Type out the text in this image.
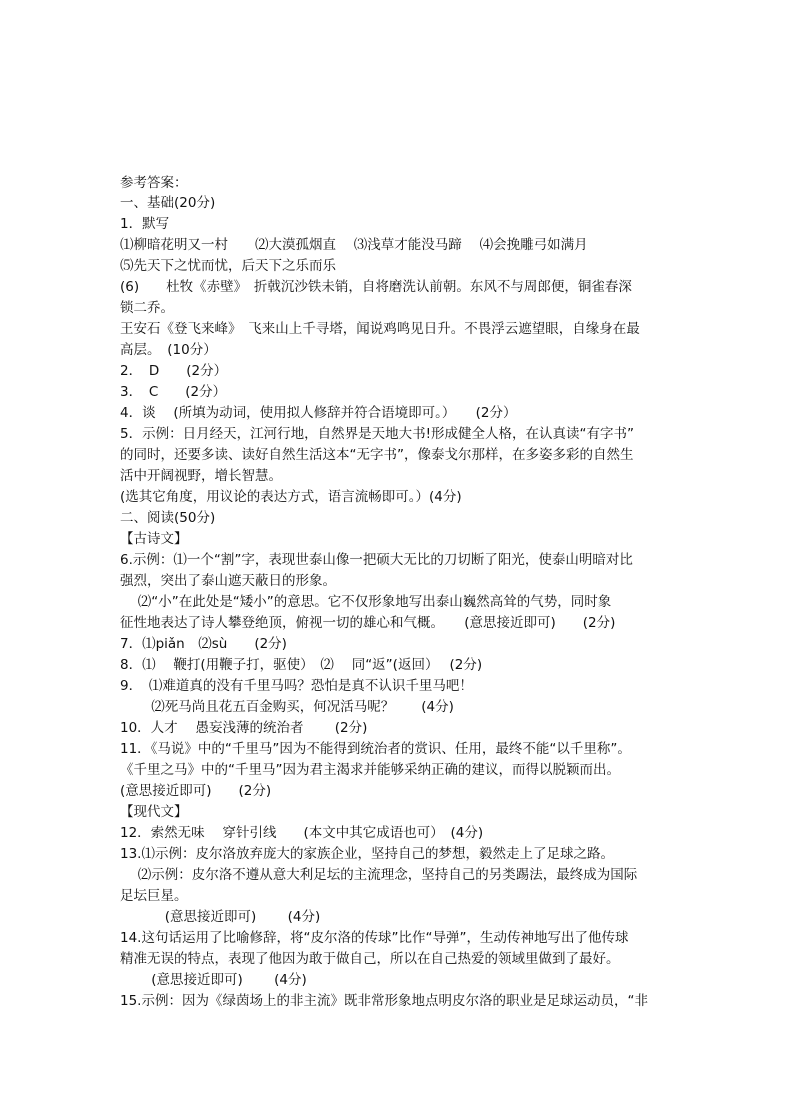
参考答案：
一、基础(20分)
1．默写
⑴柳暗花明又一村　　⑵大漠孤烟直　 ⑶浅草才能没马蹄　 ⑷会挽雕弓如满月
⑸先天下之忧而忧，后天下之乐而乐
(6)　　杜牧《赤壁》　折戟沉沙铁未销，自将磨洗认前朝。东风不与周郎便，铜雀春深
锁二乔。
王安石《登飞来峰》　飞来山上千寻塔，闻说鸡鸣见日升。不畏浮云遮望眼，自缘身在最
高层。　(10分）
2．　D　　(2分）
3．　C　　(2分）
4．谈　 (所填为动词，使用拟人修辞并符合语境即可。）　　(2分）
5．示例：日月经天，江河行地，自然界是天地大书!形成健全人格，在认真读“有字书”
的同时，还要多读、读好自然生活这本“无字书”，像泰戈尔那样，在多姿多彩的自然生
活中开阔视野，增长智慧。
(选其它角度，用议论的表达方式，语言流畅即可。）(4分)
二、阅读(50分)
【古诗文】
6.示例：⑴一个“割”字，表现世泰山像一把硕大无比的刀切断了阳光，使泰山明暗对比
强烈，突出了泰山遮天蔽日的形象。
　 ⑵“小”在此处是“矮小”的意思。它不仅形象地写出泰山巍然高耸的气势，同时象
征性地表达了诗人攀登绝顶，俯视一切的雄心和气概。　　(意思接近即可)　　(2分)
7．⑴piǎn　⑵sù　　(2分)
8．⑴　 鞭打(用鞭子打，驱使）　⑵　 同“返”(返回）　 (2分)
9．　⑴难道真的没有千里马吗？恐怕是真不认识千里马吧！
　　 ⑵死马尚且花五百金购买，何况活马呢？　　(4分)
10．人才　 愚妄浅薄的统治者　　 (2分)
11．《马说》中的“千里马”因为不能得到统治者的赏识、任用，最终不能“以千里称”。
《千里之马》中的“千里马”因为君主渴求并能够采纳正确的建议，而得以脱颖而出。
(意思接近即可)　　(2分)
【现代文】
12．索然无味　 穿针引线　　(本文中其它成语也可）　(4分)
13.⑴示例：皮尔洛放弃庞大的家族企业，坚持自己的梦想，毅然走上了足球之路。
　 ⑵示例：皮尔洛不遵从意大利足坛的主流理念，坚持自己的另类踢法，最终成为国际
足坛巨星。
　　　 (意思接近即可)　　 (4分)
14.这句话运用了比喻修辞，将“皮尔洛的传球”比作“导弹”，生动传神地写出了他传球
精准无误的特点，表现了他因为敢于做自己，所以在自己热爱的领域里做到了最好。
　　 (意思接近即可)　　 (4分)
15.示例：因为《绿茵场上的非主流》既非常形象地点明皮尔洛的职业是足球运动员，“非
